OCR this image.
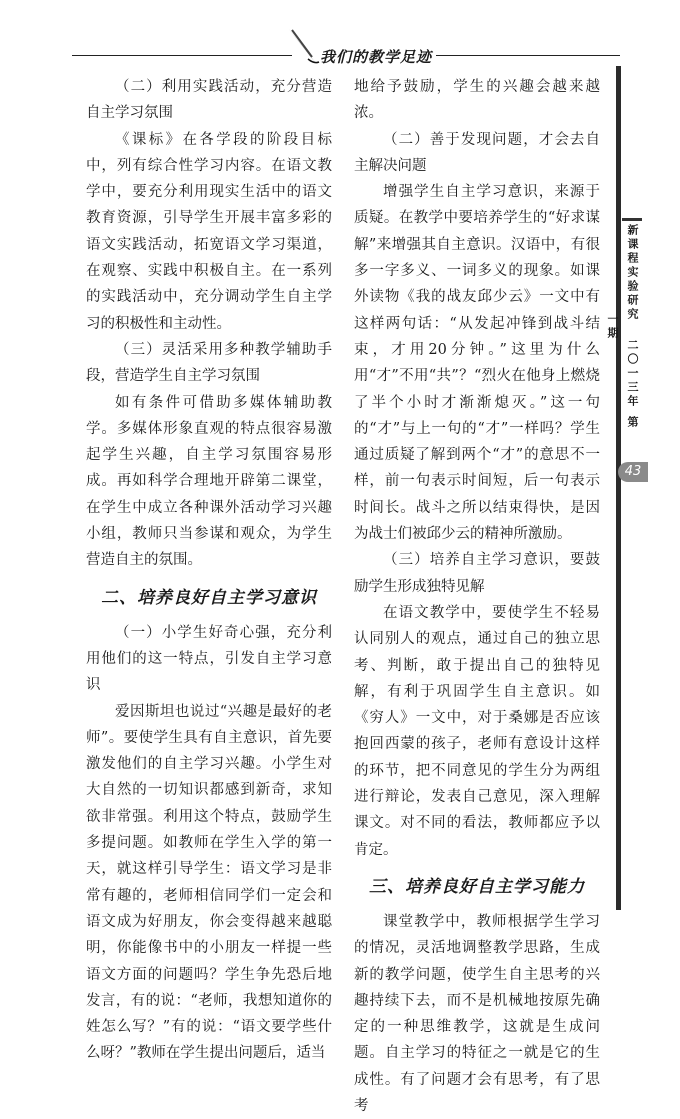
我们的教学足迹

（二）利用实践活动，充分营造自主学习氛围

《课标》在各学段的阶段目标中，列有综合性学习内容。在语文教学中，要充分利用现实生活中的语文教育资源，引导学生开展丰富多彩的语文实践活动，拓宽语文学习渠道，在观察、实践中积极自主。在一系列的实践活动中，充分调动学生自主学习的积极性和主动性。

（三）灵活采用多种教学辅助手段，营造学生自主学习氛围

如有条件可借助多媒体辅助教学。多媒体形象直观的特点很容易激起学生兴趣，自主学习氛围容易形成。再如科学合理地开辟第二课堂，在学生中成立各种课外活动学习兴趣小组，教师只当参谋和观众，为学生营造自主的氛围。

二、培养良好自主学习意识

（一）小学生好奇心强，充分利用他们的这一特点，引发自主学习意识

爱因斯坦也说过“兴趣是最好的老师”。要使学生具有自主意识，首先要激发他们的自主学习兴趣。小学生对大自然的一切知识都感到新奇，求知欲非常强。利用这个特点，鼓励学生多提问题。如教师在学生入学的第一天，就这样引导学生：语文学习是非常有趣的，老师相信同学们一定会和语文成为好朋友，你会变得越来越聪明，你能像书中的小朋友一样提一些语文方面的问题吗？学生争先恐后地发言，有的说：“老师，我想知道你的姓怎么写？”有的说：“语文要学些什么呀？”教师在学生提出问题后，适当

地给予鼓励，学生的兴趣会越来越浓。

（二）善于发现问题，才会去自主解决问题

增强学生自主学习意识，来源于质疑。在教学中要培养学生的“好求谋解”来增强其自主意识。汉语中，有很多一字多义、一词多义的现象。如课外读物《我的战友邱少云》一文中有这样两句话：“从发起冲锋到战斗结束，才用20分钟。”这里为什么用“才”不用“共”？“烈火在他身上燃烧了半个小时才渐渐熄灭。”这一句的“才”与上一句的“才”一样吗？学生通过质疑了解到两个“才”的意思不一样，前一句表示时间短，后一句表示时间长。战斗之所以结束得快，是因为战士们被邱少云的精神所激励。

（三）培养自主学习意识，要鼓励学生形成独特见解

在语文教学中，要使学生不轻易认同别人的观点，通过自己的独立思考、判断，敢于提出自己的独特见解，有利于巩固学生自主意识。如《穷人》一文中，对于桑娜是否应该抱回西蒙的孩子，老师有意设计这样的环节，把不同意见的学生分为两组进行辩论，发表自己意见，深入理解课文。对不同的看法，教师都应予以肯定。

三、培养良好自主学习能力

课堂教学中，教师根据学生学习的情况，灵活地调整教学思路，生成新的教学问题，使学生自主思考的兴趣持续下去，而不是机械地按原先确定的一种思维教学，这就是生成问题。自主学习的特征之一就是它的生成性。有了问题才会有思考，有了思考

新课程实验研究 二〇一三年 第一期
43
